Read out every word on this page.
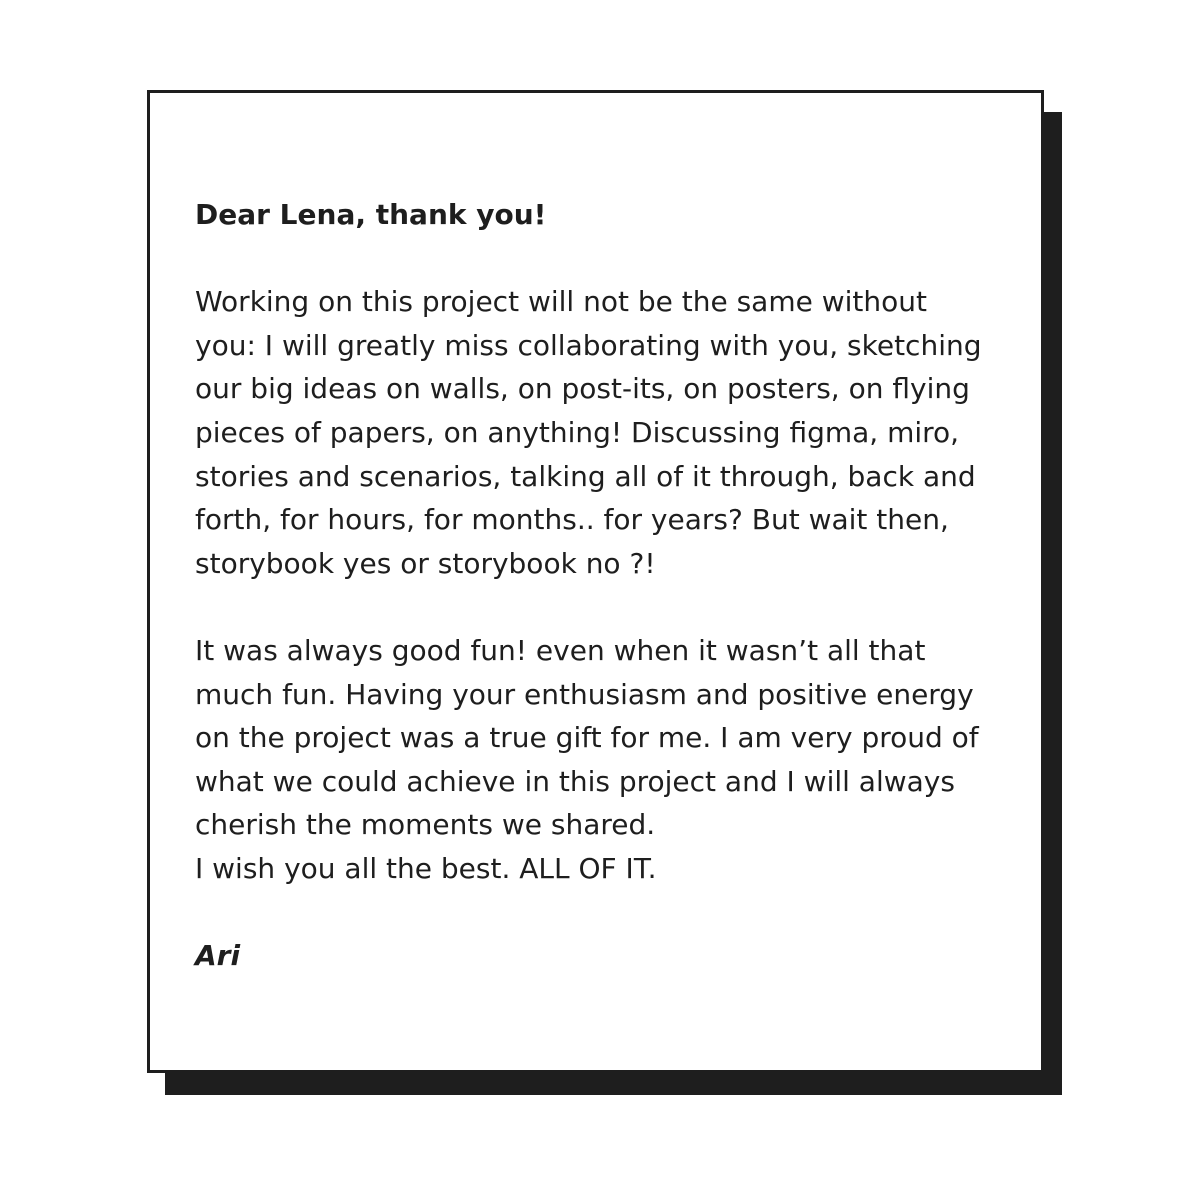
Dear Lena, thank you!

Working on this project will not be the same without
you: I will greatly miss collaborating with you, sketching
our big ideas on walls, on post-its, on posters, on flying
pieces of papers, on anything! Discussing figma, miro,
stories and scenarios, talking all of it through, back and
forth, for hours, for months.. for years? But wait then,
storybook yes or storybook no ?!

It was always good fun! even when it wasn’t all that
much fun. Having your enthusiasm and positive energy
on the project was a true gift for me. I am very proud of
what we could achieve in this project and I will always
cherish the moments we shared.
I wish you all the best. ALL OF IT.

Ari
